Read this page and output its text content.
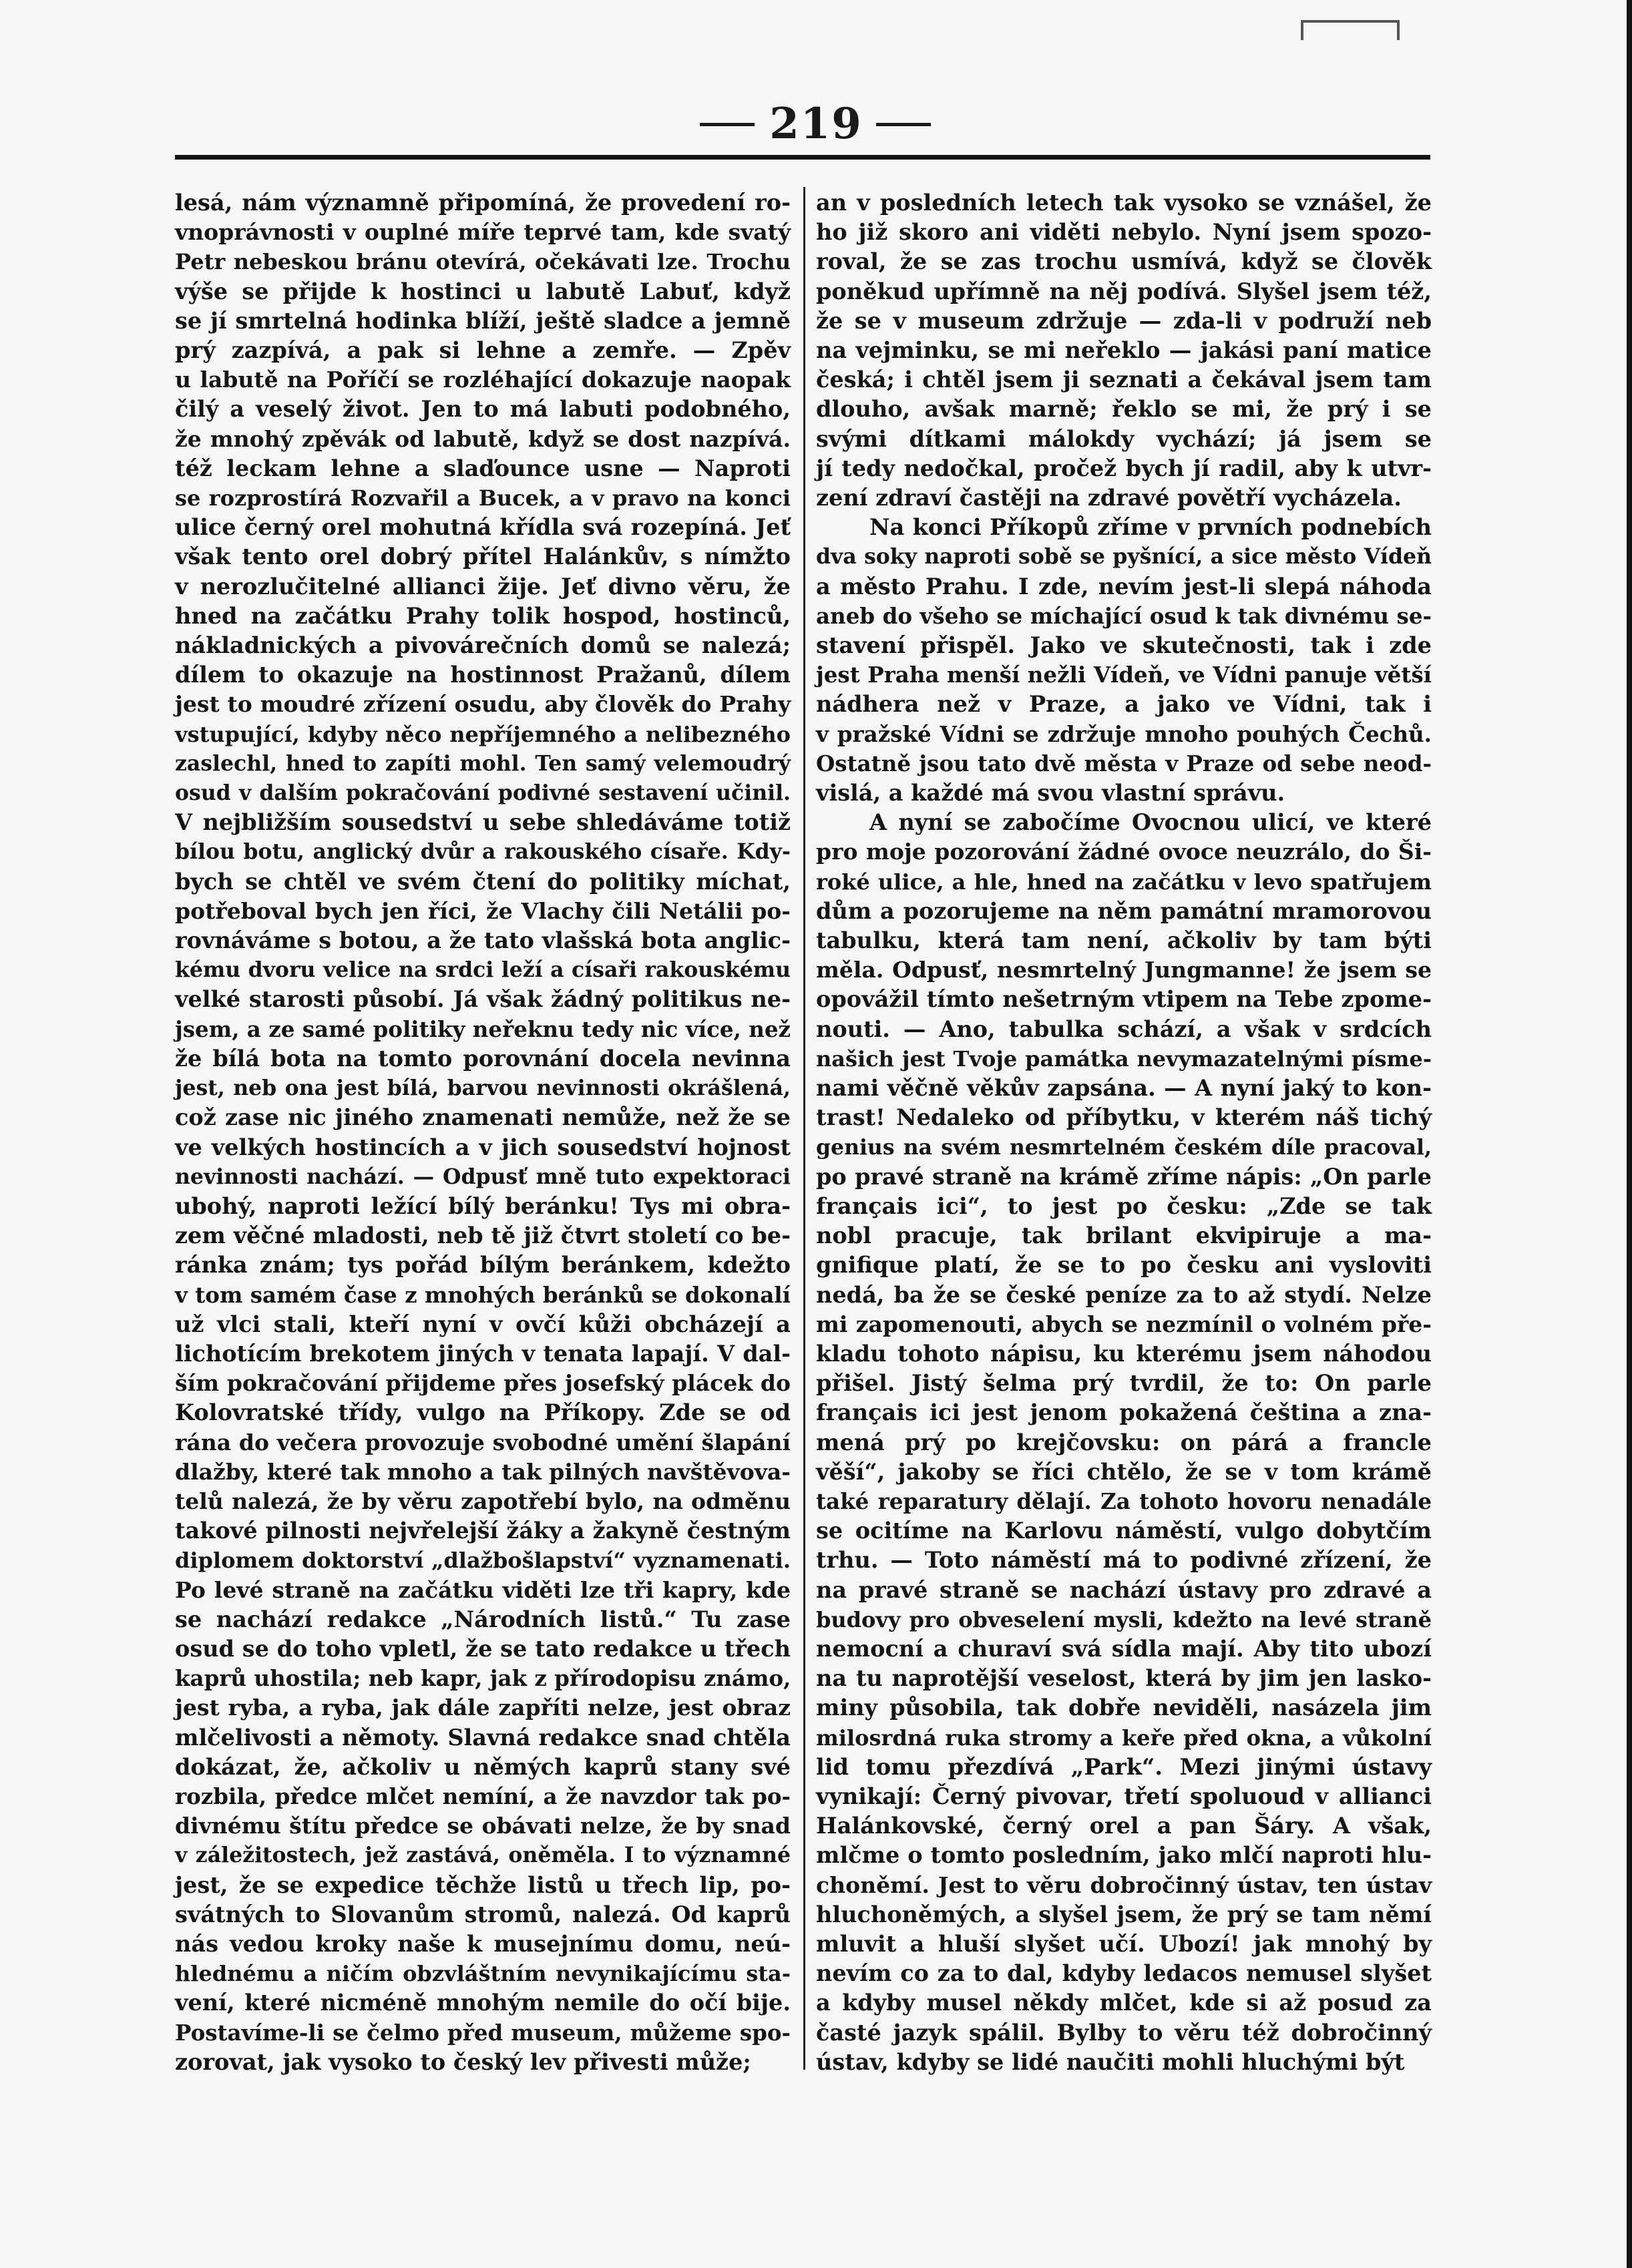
219
lesá, nám významně připomíná, že provedení ro-
vnoprávnosti v ouplné míře teprvé tam, kde svatý
Petr nebeskou bránu otevírá, očekávati lze. Trochu
výše se přijde k hostinci u labutě Labuť, když
se jí smrtelná hodinka blíží, ještě sladce a jemně
prý zazpívá, a pak si lehne a zemře. — Zpěv
u labutě na Poříčí se rozléhající dokazuje naopak
čilý a veselý život. Jen to má labuti podobného,
že mnohý zpěvák od labutě, když se dost nazpívá.
též leckam lehne a slaďounce usne — Naproti
se rozprostírá Rozvařil a Bucek, a v pravo na konci
ulice černý orel mohutná křídla svá rozepíná. Jeť
však tento orel dobrý přítel Halánkův, s nímžto
v nerozlučitelné allianci žije. Jeť divno věru, že
hned na začátku Prahy tolik hospod, hostinců,
nákladnických a pivovárečních domů se nalezá;
dílem to okazuje na hostinnost Pražanů, dílem
jest to moudré zřízení osudu, aby člověk do Prahy
vstupující, kdyby něco nepříjemného a nelibezného
zaslechl, hned to zapíti mohl. Ten samý velemoudrý
osud v dalším pokračování podivné sestavení učinil.
V nejbližším sousedství u sebe shledáváme totiž
bílou botu, anglický dvůr a rakouského císaře. Kdy-
bych se chtěl ve svém čtení do politiky míchat,
potřeboval bych jen říci, že Vlachy čili Netálii po-
rovnáváme s botou, a že tato vlašská bota anglic-
kému dvoru velice na srdci leží a císaři rakouskému
velké starosti působí. Já však žádný politikus ne-
jsem, a ze samé politiky neřeknu tedy nic více, než
že bílá bota na tomto porovnání docela nevinna
jest, neb ona jest bílá, barvou nevinnosti okrášlená,
což zase nic jiného znamenati nemůže, než že se
ve velkých hostincích a v jich sousedství hojnost
nevinnosti nachází. — Odpusť mně tuto expektoraci
ubohý, naproti ležící bílý beránku! Tys mi obra-
zem věčné mladosti, neb tě již čtvrt století co be-
ránka znám; tys pořád bílým beránkem, kdežto
v tom samém čase z mnohých beránků se dokonalí
už vlci stali, kteří nyní v ovčí kůži obcházejí a
lichotícím brekotem jiných v tenata lapají. V dal-
ším pokračování přijdeme přes josefský plácek do
Kolovratské třídy, vulgo na Příkopy. Zde se od
rána do večera provozuje svobodné umění šlapání
dlažby, které tak mnoho a tak pilných navštěvova-
telů nalezá, že by věru zapotřebí bylo, na odměnu
takové pilnosti nejvřelejší žáky a žakyně čestným
diplomem doktorství „dlažbošlapství“ vyznamenati.
Po levé straně na začátku viděti lze tři kapry, kde
se nachází redakce „Národních listů.“ Tu zase
osud se do toho vpletl, že se tato redakce u třech
kaprů uhostila; neb kapr, jak z přírodopisu známo,
jest ryba, a ryba, jak dále zapříti nelze, jest obraz
mlčelivosti a němoty. Slavná redakce snad chtěla
dokázat, že, ačkoliv u němých kaprů stany své
rozbila, předce mlčet nemíní, a že navzdor tak po-
divnému štítu předce se obávati nelze, že by snad
v záležitostech, jež zastává, oněměla. I to významné
jest, že se expedice těchže listů u třech lip, po-
svátných to Slovanům stromů, nalezá. Od kaprů
nás vedou kroky naše k musejnímu domu, neú-
hlednému a ničím obzvláštním nevynikajícímu sta-
vení, které nicméně mnohým nemile do očí bije.
Postavíme-li se čelmo před museum, můžeme spo-
zorovat, jak vysoko to český lev přivesti může;
an v posledních letech tak vysoko se vznášel, že
ho již skoro ani viděti nebylo. Nyní jsem spozo-
roval, že se zas trochu usmívá, když se člověk
poněkud upřímně na něj podívá. Slyšel jsem též,
že se v museum zdržuje — zda-li v podruží neb
na vejminku, se mi neřeklo — jakási paní matice
česká; i chtěl jsem ji seznati a čekával jsem tam
dlouho, avšak marně; řeklo se mi, že prý i se
svými dítkami málokdy vychází; já jsem se
jí tedy nedočkal, pročež bych jí radil, aby k utvr-
zení zdraví častěji na zdravé povětří vycházela.
Na konci Příkopů zříme v prvních podnebích
dva soky naproti sobě se pyšnící, a sice město Vídeň
a město Prahu. I zde, nevím jest-li slepá náhoda
aneb do všeho se míchající osud k tak divnému se-
stavení přispěl. Jako ve skutečnosti, tak i zde
jest Praha menší nežli Vídeň, ve Vídni panuje větší
nádhera než v Praze, a jako ve Vídni, tak i
v pražské Vídni se zdržuje mnoho pouhých Čechů.
Ostatně jsou tato dvě města v Praze od sebe neod-
vislá, a každé má svou vlastní správu.
A nyní se zabočíme Ovocnou ulicí, ve které
pro moje pozorování žádné ovoce neuzrálo, do Ši-
roké ulice, a hle, hned na začátku v levo spatřujem
dům a pozorujeme na něm památní mramorovou
tabulku, která tam není, ačkoliv by tam býti
měla. Odpusť, nesmrtelný Jungmanne! že jsem se
opovážil tímto nešetrným vtipem na Tebe zpome-
nouti. — Ano, tabulka schází, a však v srdcích
našich jest Tvoje památka nevymazatelnými písme-
nami věčně věkův zapsána. — A nyní jaký to kon-
trast! Nedaleko od příbytku, v kterém náš tichý
genius na svém nesmrtelném českém díle pracoval,
po pravé straně na krámě zříme nápis: „On parle
français ici“, to jest po česku: „Zde se tak
nobl pracuje, tak brilant ekvipiruje a ma-
gnifique platí, že se to po česku ani vysloviti
nedá, ba že se české peníze za to až stydí. Nelze
mi zapomenouti, abych se nezmínil o volném pře-
kladu tohoto nápisu, ku kterému jsem náhodou
přišel. Jistý šelma prý tvrdil, že to: On parle
français ici jest jenom pokažená čeština a zna-
mená prý po krejčovsku: on párá a francle
věší“, jakoby se říci chtělo, že se v tom krámě
také reparatury dělají. Za tohoto hovoru nenadále
se ocitíme na Karlovu náměstí, vulgo dobytčím
trhu. — Toto náměstí má to podivné zřízení, že
na pravé straně se nachází ústavy pro zdravé a
budovy pro obveselení mysli, kdežto na levé straně
nemocní a churaví svá sídla mají. Aby tito ubozí
na tu naprotější veselost, která by jim jen lasko-
miny působila, tak dobře neviděli, nasázela jim
milosrdná ruka stromy a keře před okna, a vůkolní
lid tomu přezdívá „Park“. Mezi jinými ústavy
vynikají: Černý pivovar, třetí spoluoud v allianci
Halánkovské, černý orel a pan Šáry. A však,
mlčme o tomto posledním, jako mlčí naproti hlu-
choněmí. Jest to věru dobročinný ústav, ten ústav
hluchoněmých, a slyšel jsem, že prý se tam němí
mluvit a hluší slyšet učí. Ubozí! jak mnohý by
nevím co za to dal, kdyby ledacos nemusel slyšet
a kdyby musel někdy mlčet, kde si až posud za
časté jazyk spálil. Bylby to věru též dobročinný
ústav, kdyby se lidé naučiti mohli hluchými být
